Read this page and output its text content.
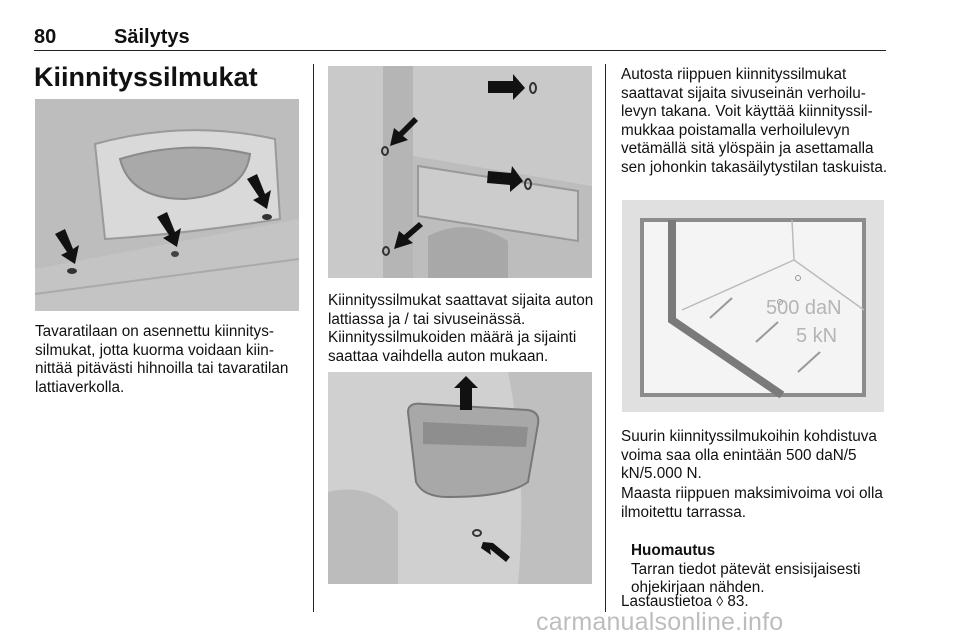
80	Säilytys
Kiinnityssilmukat

Tavaratilaan on asennettu kiinnityssilmukat, jotta kuorma voidaan kiinnittää pitävästi hihnoilla tai tavaratilan lattiaverkolla.

Kiinnityssilmukat saattavat sijaita auton lattiassa ja / tai sivuseinässä. Kiinnityssilmukoiden määrä ja sijainti saattaa vaihdella auton mukaan.

Autosta riippuen kiinnityssilmukat saattavat sijaita sivuseinän verhoilulevyn takana. Voit käyttää kiinnityssilmukkaa poistamalla verhoilulevyn vetämällä sitä ylöspäin ja asettamalla sen johonkin takasäilytystilan taskuista.

500 daN
5 kN

Suurin kiinnityssilmukoihin kohdistuva voima saa olla enintään 500 daN/5 kN/5.000 N.

Maasta riippuen maksimivoima voi olla ilmoitettu tarrassa.

Huomautus
Tarran tiedot pätevät ensisijaisesti ohjekirjaan nähden.

Lastaustietoa ◊ 83.

carmanualsonline.info
